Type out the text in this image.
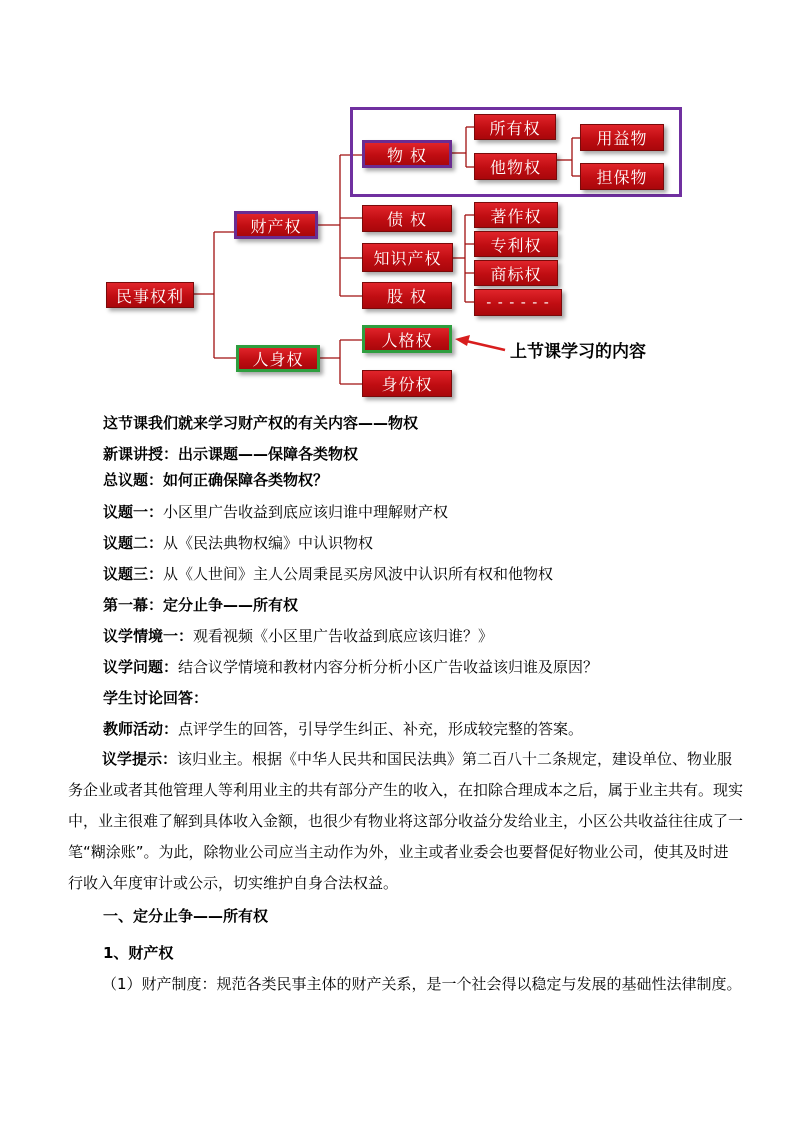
民事权利
财产权
人身权
物 权
债 权
知识产权
股 权
人格权
身份权
所有权
他物权
用益物
担保物
著作权
专利权
商标权
- - - - - -
上节课学习的内容
这节课我们就来学习财产权的有关内容——物权
新课讲授：出示课题——保障各类物权
总议题：如何正确保障各类物权？
议题一：小区里广告收益到底应该归谁中理解财产权
议题二：从《民法典物权编》中认识物权
议题三：从《人世间》主人公周秉昆买房风波中认识所有权和他物权
第一幕：定分止争——所有权
议学情境一：观看视频《小区里广告收益到底应该归谁？》
议学问题：结合议学情境和教材内容分析分析小区广告收益该归谁及原因？
学生讨论回答：
教师活动：点评学生的回答，引导学生纠正、补充，形成较完整的答案。
议学提示：该归业主。根据《中华人民共和国民法典》第二百八十二条规定，建设单位、物业服务企业或者其他管理人等利用业主的共有部分产生的收入，在扣除合理成本之后，属于业主共有。现实中，业主很难了解到具体收入金额，也很少有物业将这部分收益分发给业主，小区公共收益往往成了一笔“糊涂账”。为此，除物业公司应当主动作为外，业主或者业委会也要督促好物业公司，使其及时进行收入年度审计或公示，切实维护自身合法权益。
一、定分止争——所有权
1、财产权
（1）财产制度：规范各类民事主体的财产关系，是一个社会得以稳定与发展的基础性法律制度。
